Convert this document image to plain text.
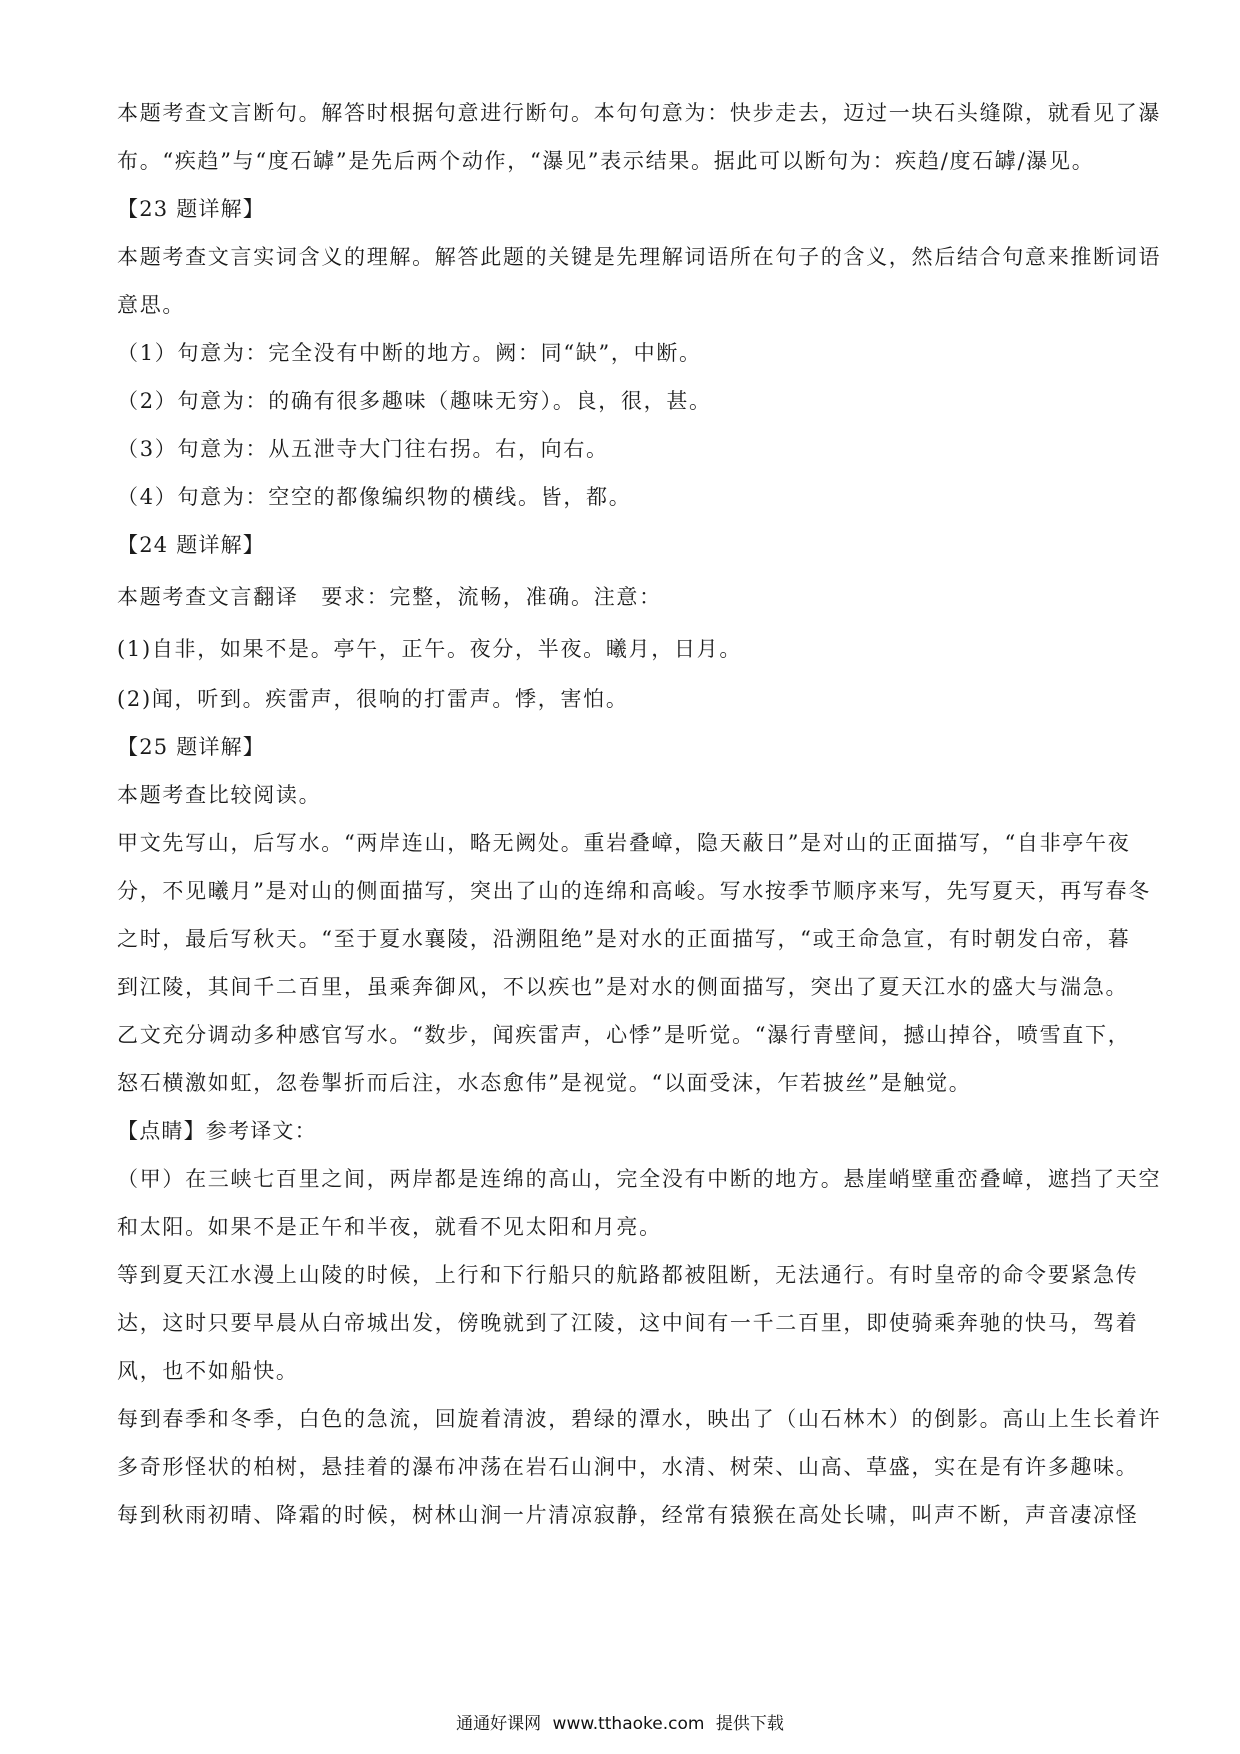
本题考查文言断句。解答时根据句意进行断句。本句句意为：快步走去，迈过一块石头缝隙，就看见了瀑
布。“疾趋”与“度石罅”是先后两个动作，“瀑见”表示结果。据此可以断句为：疾趋/度石罅/瀑见。
【23 题详解】
本题考查文言实词含义的理解。解答此题的关键是先理解词语所在句子的含义，然后结合句意来推断词语
意思。
（1）句意为：完全没有中断的地方。阙：同“缺”，中断。
（2）句意为：的确有很多趣味（趣味无穷）。良，很，甚。
（3）句意为：从五泄寺大门往右拐。右，向右。
（4）句意为：空空的都像编织物的横线。皆，都。
【24 题详解】
本题考查文言翻译　要求：完整，流畅，准确。注意：
(1)自非，如果不是。亭午，正午。夜分，半夜。曦月，日月。
(2)闻，听到。疾雷声，很响的打雷声。悸，害怕。
【25 题详解】
本题考查比较阅读。
甲文先写山，后写水。“两岸连山，略无阙处。重岩叠嶂，隐天蔽日”是对山的正面描写，“自非亭午夜
分，不见曦月”是对山的侧面描写，突出了山的连绵和高峻。写水按季节顺序来写，先写夏天，再写春冬
之时，最后写秋天。“至于夏水襄陵，沿溯阻绝”是对水的正面描写，“或王命急宣，有时朝发白帝，暮
到江陵，其间千二百里，虽乘奔御风，不以疾也”是对水的侧面描写，突出了夏天江水的盛大与湍急。
乙文充分调动多种感官写水。“数步，闻疾雷声，心悸”是听觉。“瀑行青壁间，撼山掉谷，喷雪直下，
怒石横激如虹，忽卷掣折而后注，水态愈伟”是视觉。“以面受沫，乍若披丝”是触觉。
【点睛】参考译文：
（甲）在三峡七百里之间，两岸都是连绵的高山，完全没有中断的地方。悬崖峭壁重峦叠嶂，遮挡了天空
和太阳。如果不是正午和半夜，就看不见太阳和月亮。
等到夏天江水漫上山陵的时候，上行和下行船只的航路都被阻断，无法通行。有时皇帝的命令要紧急传
达，这时只要早晨从白帝城出发，傍晚就到了江陵，这中间有一千二百里，即使骑乘奔驰的快马，驾着
风，也不如船快。
每到春季和冬季，白色的急流，回旋着清波，碧绿的潭水，映出了（山石林木）的倒影。高山上生长着许
多奇形怪状的柏树，悬挂着的瀑布冲荡在岩石山涧中，水清、树荣、山高、草盛，实在是有许多趣味。
每到秋雨初晴、降霜的时候，树林山涧一片清凉寂静，经常有猿猴在高处长啸，叫声不断，声音凄凉怪
通通好课网 www.tthaoke.com 提供下载
